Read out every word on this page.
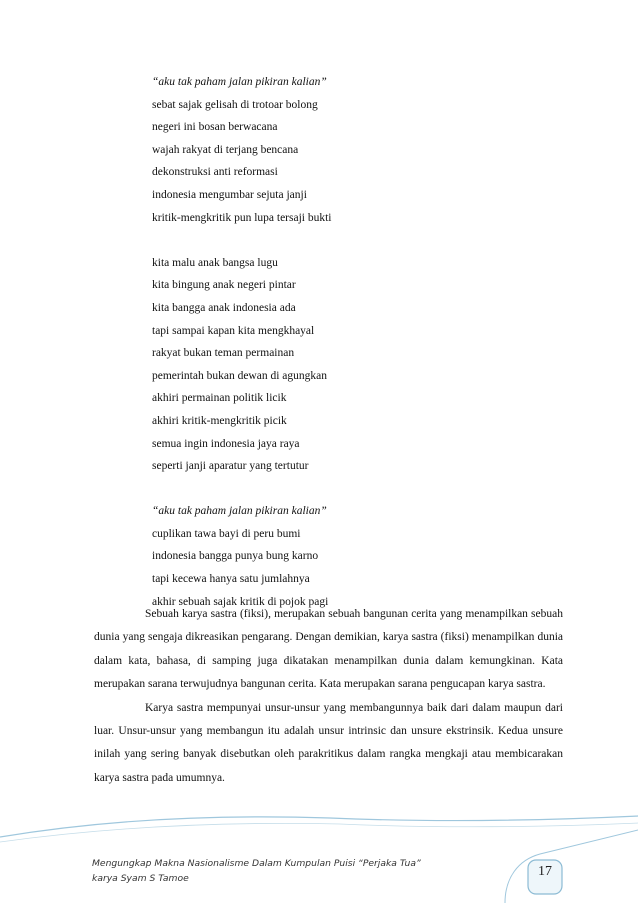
“aku tak paham jalan pikiran kalian”
sebat sajak gelisah di trotoar bolong
negeri ini bosan berwacana
wajah rakyat di terjang bencana
dekonstruksi anti reformasi
indonesia mengumbar sejuta janji
kritik-mengkritik pun lupa tersaji bukti
kita malu anak bangsa lugu
kita bingung anak negeri pintar
kita bangga anak indonesia ada
tapi sampai kapan kita mengkhayal
rakyat bukan teman permainan
pemerintah bukan dewan di agungkan
akhiri permainan politik licik
akhiri kritik-mengkritik picik
semua ingin indonesia jaya raya
seperti janji aparatur yang tertutur
“aku tak paham jalan pikiran kalian”
cuplikan tawa bayi di peru bumi
indonesia bangga punya bung karno
tapi kecewa hanya satu jumlahnya
akhir sebuah sajak kritik di pojok pagi

Sebuah karya sastra (fiksi), merupakan sebuah bangunan cerita yang menampilkan sebuah dunia yang sengaja dikreasikan pengarang. Dengan demikian, karya sastra (fiksi) menampilkan dunia dalam kata, bahasa, di samping juga dikatakan menampilkan dunia dalam kemungkinan. Kata merupakan sarana terwujudnya bangunan cerita. Kata merupakan sarana pengucapan karya sastra.

Karya sastra mempunyai unsur-unsur yang membangunnya baik dari dalam maupun dari luar. Unsur-unsur yang membangun itu adalah unsur intrinsic dan unsure ekstrinsik. Kedua unsure inilah yang sering banyak disebutkan oleh parakritikus dalam rangka mengkaji atau membicarakan karya sastra pada umumnya.

Mengungkap Makna Nasionalisme Dalam Kumpulan Puisi “Perjaka Tua”
karya Syam S Tamoe	17
